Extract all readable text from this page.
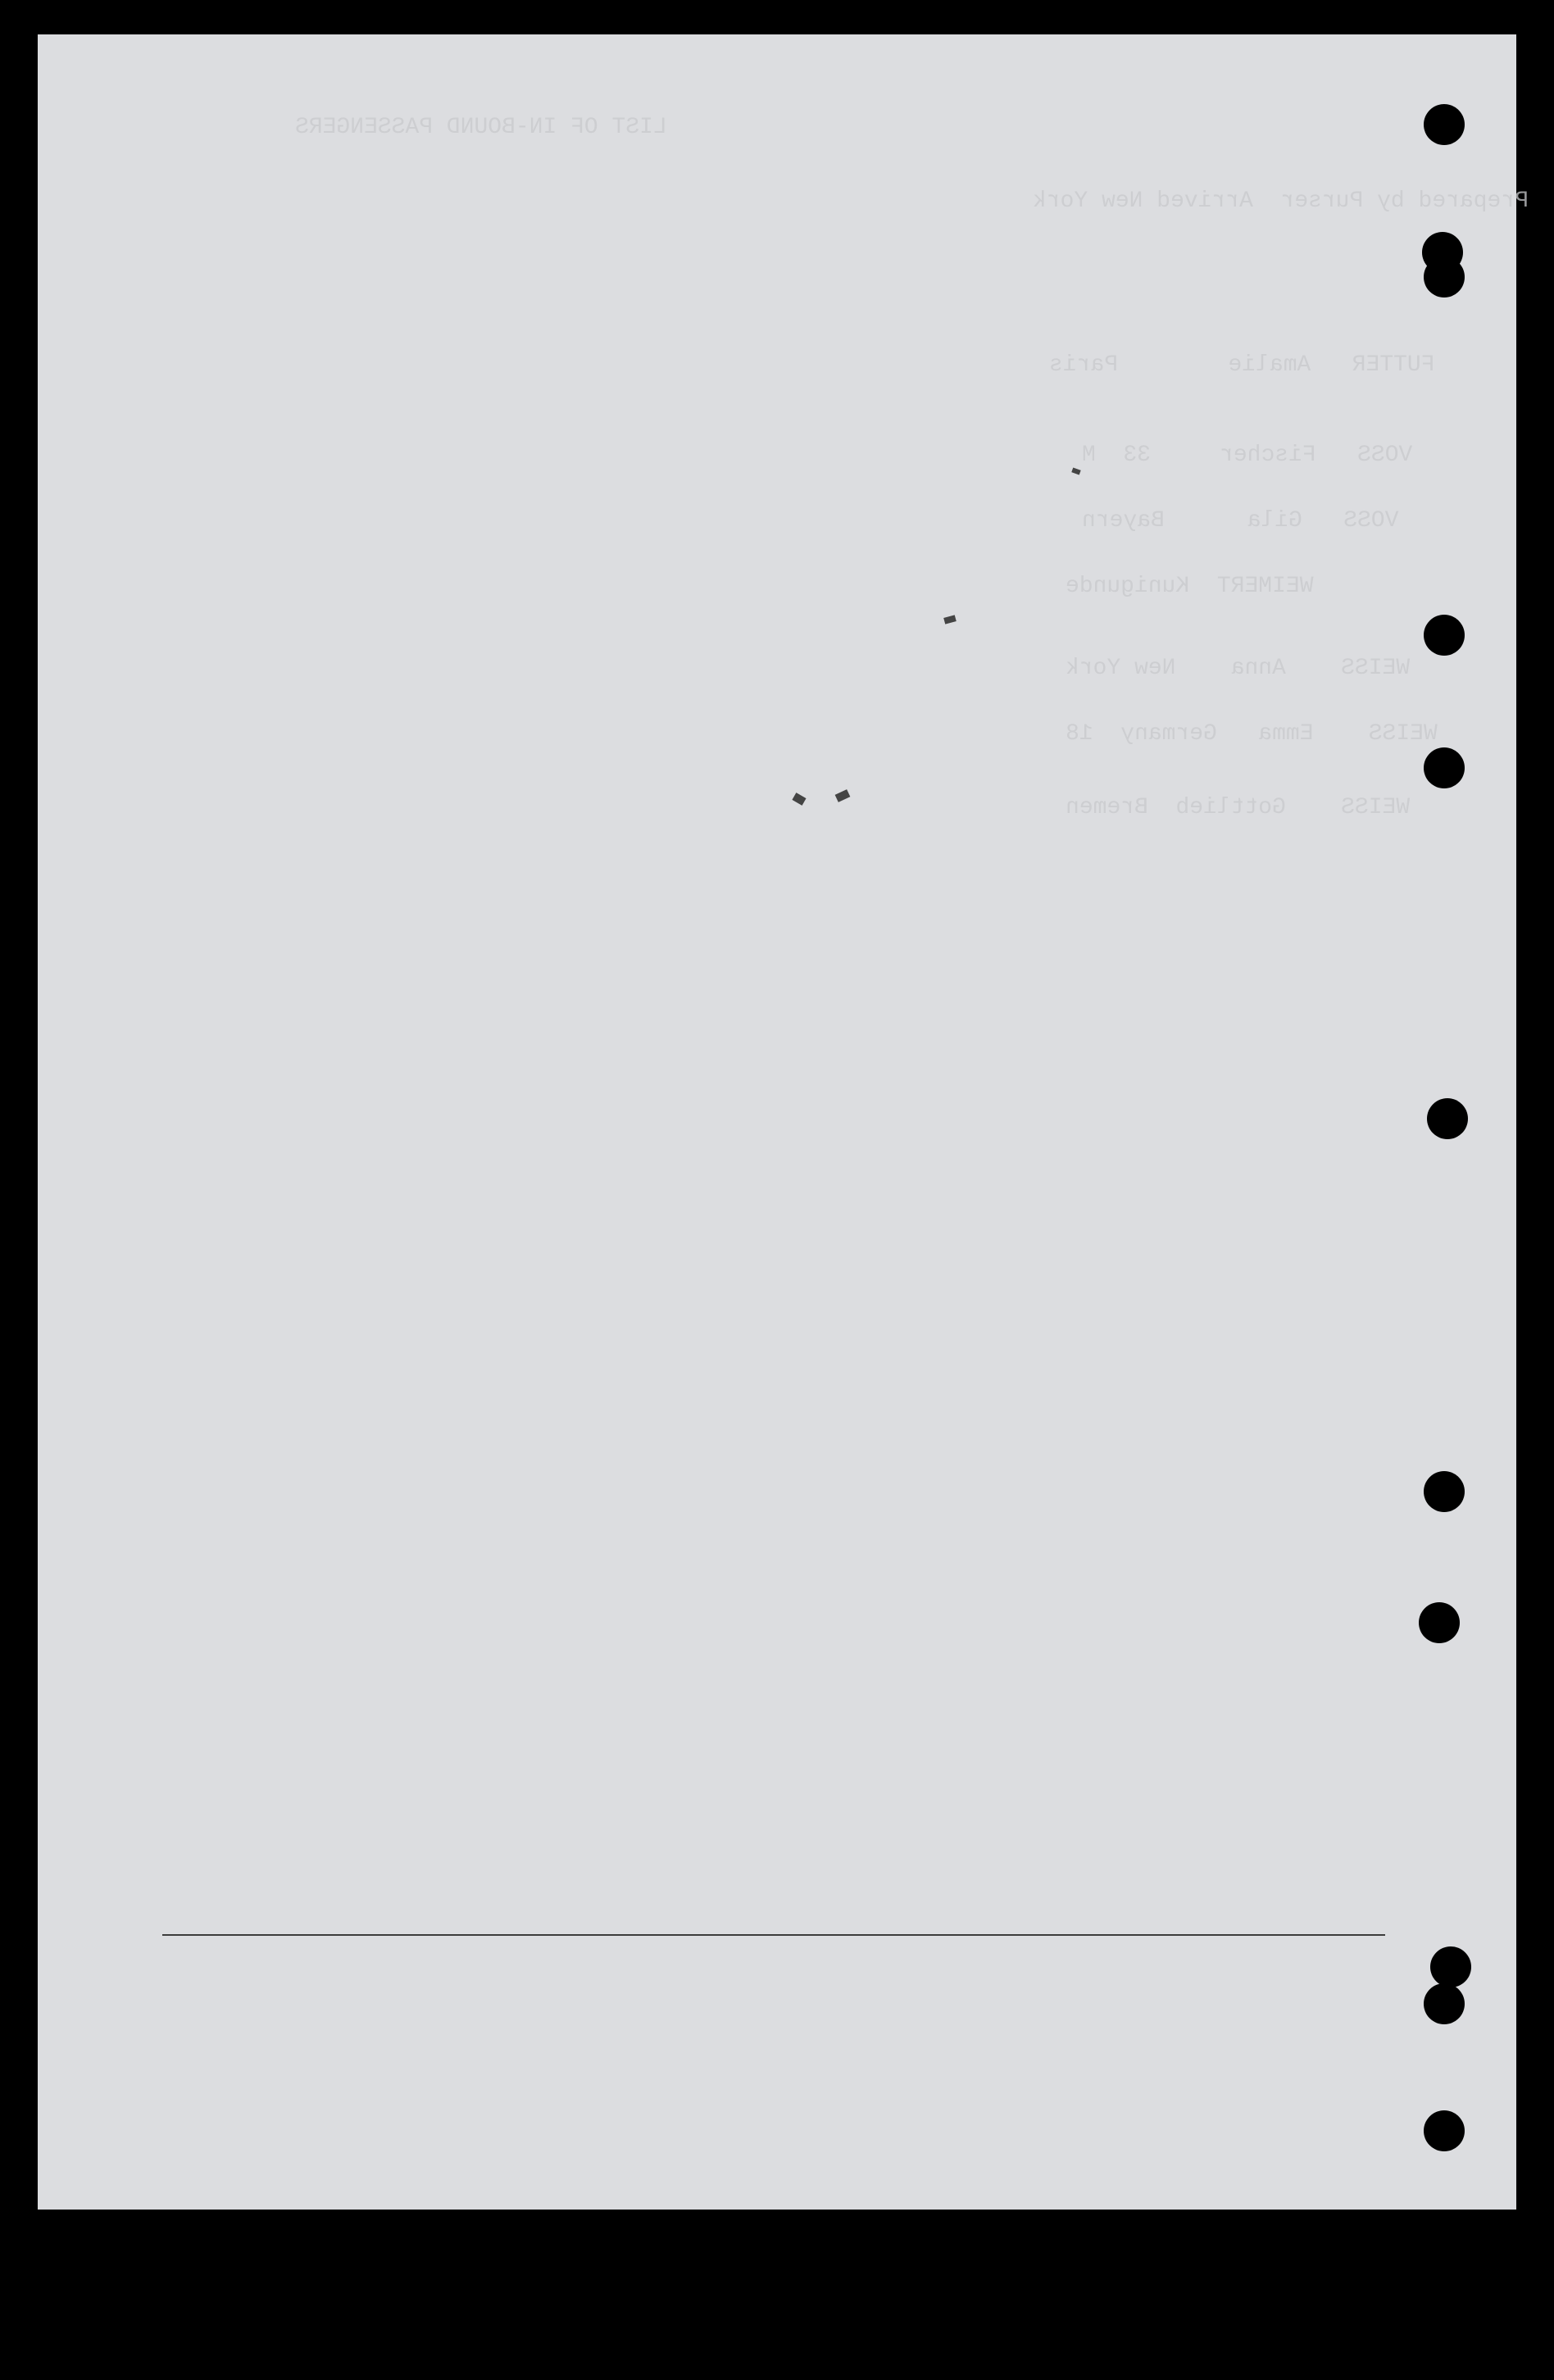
LIST OF IN-BOUND PASSENGERS
Prepared by Purser  Arrived New York
FUTTER   Amalie        Paris
VOSS   Fischer     33  M
VOSS   Gila      Bayern
WEIMERT  Kunigunde
WEISS    Anna    New York
WEISS    Emma   Germany  18
WEISS    Gottlieb  Bremen
